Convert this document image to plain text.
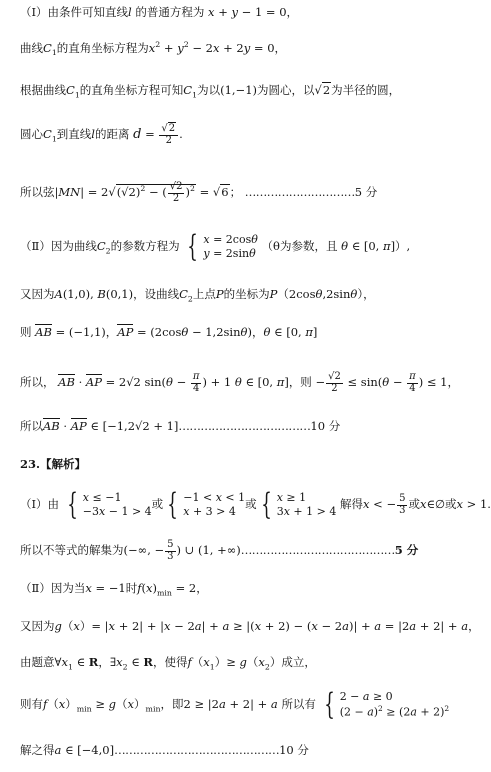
（Ⅰ）由条件可知直线l 的普通方程为 x + y − 1 = 0，
曲线$C_1$的直角坐标方程为$x^2 + y^2 - 2x + 2y = 0$，
根据曲线$C_1$的直角坐标方程可知$C_1$为以(1,−1)为圆心，以√2为半径的圆，
圆心$C_1$到直线l的距离 $d = \frac{√2}{2}$ .
所以弦$|MN| = 2√(√2)^2$ − ( $\frac{√2}{2} )^2 = √6$； …………………………5 分
（Ⅱ）因为曲线$C_2$的参数方程为 { x = 2cosθ
y = 2sinθ
（θ为参数，且 θ ∈ [0, π]）,
又因为A(1,0), B(0,1)，设曲线$C_2$上点P的坐标为P（2cosθ,2sinθ），
则 AB = (−1,1)，AP = (2cosθ − 1,2sinθ)，θ ∈ [0, π]
所以， AB · AP = 2√2 $\sin(\theta - \frac{\pi}{4}$ ) + 1 θ ∈ [0, π]，则 − $\frac{√2}{2} \le \sin(\theta - \frac{\pi}{4}$ ) ≤ 1，
所以AB · AP ∈ [−1,2√2 + 1]………………………………10 分
23.【解析】
（Ⅰ）由 { x ≤ −1
−3x − 1 > 4
或 { −1 < x < 1
x + 3 > 4
或 { x ≥ 1
3x + 1 > 4
解得x < − $\frac{5}{3}$ 或x∈∅或x > 1.
所以不等式的解集为(−∞, − $\frac{5}{3}$ ) ∪ (1, +∞)……………………………………5 分
（Ⅱ）因为当x = −1时$f(x)_{min} = 2$，
又因为g（x）= |x + 2| + |x − 2a| + a ≥ |(x + 2) − (x − 2a)| + a = |2a + 2| + a，
由题意$\forall x_1$ ∈ R，$\exists x_2$ ∈ R，使得$f(x_1)\ge g(x_2)$成立，
则有$f(x)_{min} \ge g(x)_{min}$，即2 ≥ |2a + 2| + a 所以有 { 2 − a ≥ 0
$(2 - a)^2 \ge (2a + 2)^2$
解之得a ∈ [−4,0]………………………………………10 分
